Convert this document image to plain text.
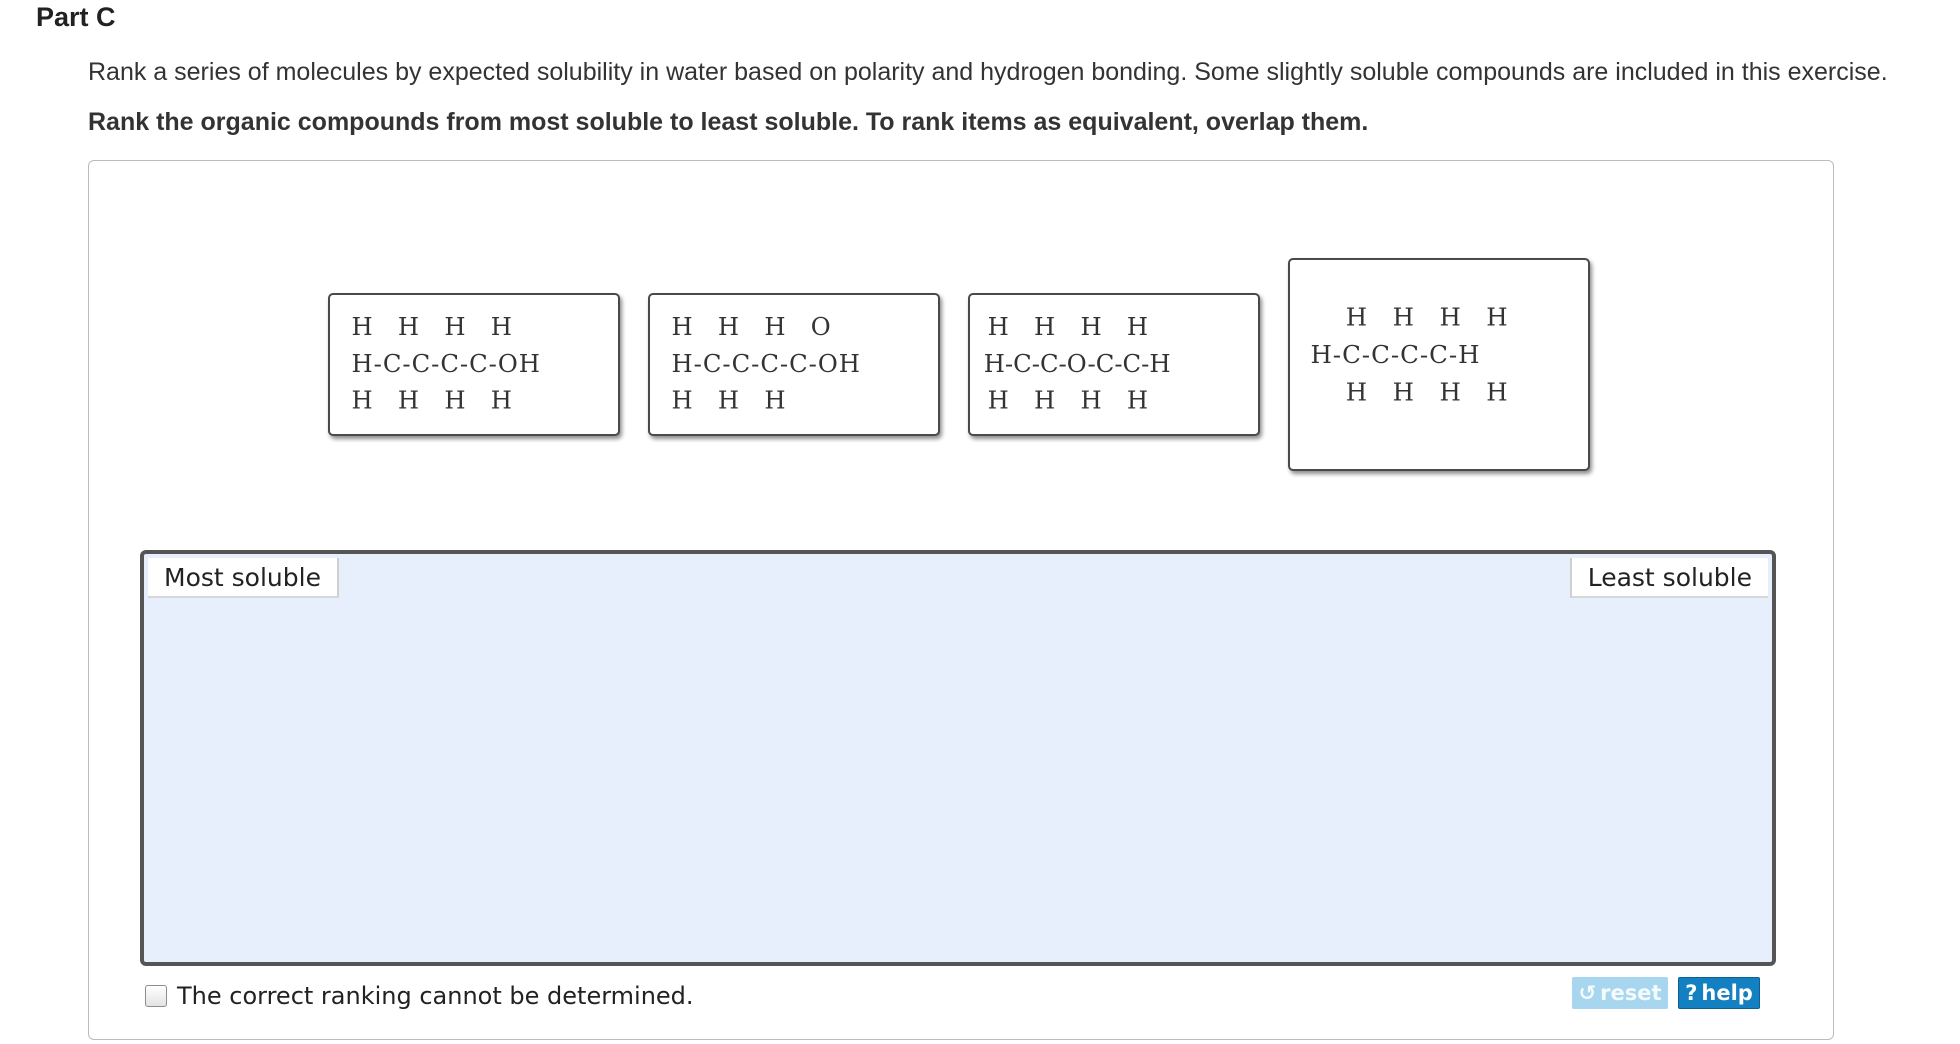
Part C
Rank a series of molecules by expected solubility in water based on polarity and hydrogen bonding. Some slightly soluble compounds are included in this exercise.
Rank the organic compounds from most soluble to least soluble. To rank items as equivalent, overlap them.
H H H H
H-C-C-C-C-OH
H H H H
H H H O
H-C-C-C-C-OH
H H H
H H H H
H-C-C-O-C-C-H
H H H H
H H H H
H-C-C-C-C-H
H H H H
Most soluble	Least soluble
The correct ranking cannot be determined.	↺ reset ? help
